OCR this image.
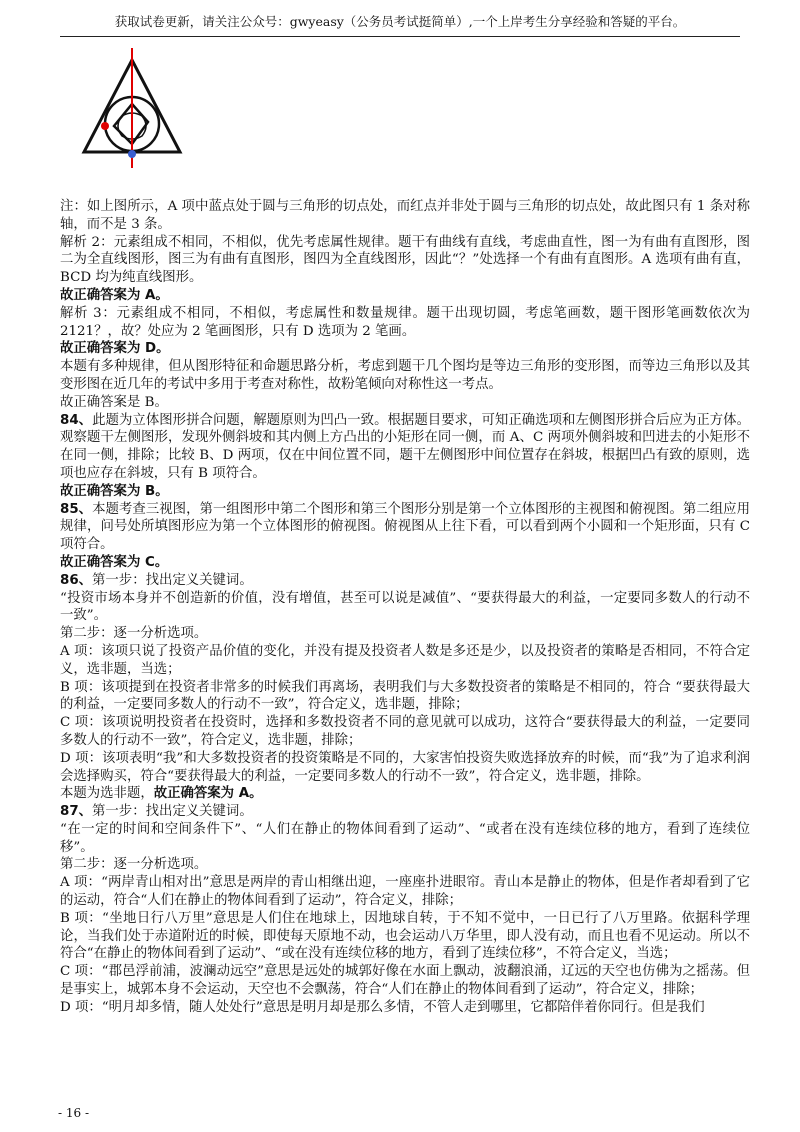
获取试卷更新，请关注公众号：gwyeasy（公务员考试挺简单）,一个上岸考生分享经验和答疑的平台。

注：如上图所示，A 项中蓝点处于圆与三角形的切点处，而红点并非处于圆与三角形的切点处，故此图只有 1 条对称轴，而不是 3 条。

解析 2：元素组成不相同，不相似，优先考虑属性规律。题干有曲线有直线，考虑曲直性，图一为有曲有直图形，图二为全直线图形，图三为有曲有直图形，图四为全直线图形，因此“？”处选择一个有曲有直图形。A 选项有曲有直，BCD 均为纯直线图形。

故正确答案为 A。

解析 3：元素组成不相同，不相似，考虑属性和数量规律。题干出现切圆，考虑笔画数，题干图形笔画数依次为 2121？，故？处应为 2 笔画图形，只有 D 选项为 2 笔画。

故正确答案为 D。

本题有多种规律，但从图形特征和命题思路分析，考虑到题干几个图均是等边三角形的变形图，而等边三角形以及其变形图在近几年的考试中多用于考查对称性，故粉笔倾向对称性这一考点。

故正确答案是 B。

84、此题为立体图形拼合问题，解题原则为凹凸一致。根据题目要求，可知正确选项和左侧图形拼合后应为正方体。观察题干左侧图形，发现外侧斜坡和其内侧上方凸出的小矩形在同一侧，而 A、C 两项外侧斜坡和凹进去的小矩形不在同一侧，排除；比较 B、D 两项，仅在中间位置不同，题干左侧图形中间位置存在斜坡，根据凹凸有致的原则，选项也应存在斜坡，只有 B 项符合。

故正确答案为 B。

85、本题考查三视图，第一组图形中第二个图形和第三个图形分别是第一个立体图形的主视图和俯视图。第二组应用规律，问号处所填图形应为第一个立体图形的俯视图。俯视图从上往下看，可以看到两个小圆和一个矩形面，只有 C 项符合。

故正确答案为 C。

86、第一步：找出定义关键词。

“投资市场本身并不创造新的价值，没有增值，甚至可以说是减值”、“要获得最大的利益，一定要同多数人的行动不一致”。

第二步：逐一分析选项。

A 项：该项只说了投资产品价值的变化，并没有提及投资者人数是多还是少，以及投资者的策略是否相同，不符合定义，选非题，当选；

B 项：该项提到在投资者非常多的时候我们再离场，表明我们与大多数投资者的策略是不相同的，符合 “要获得最大的利益，一定要同多数人的行动不一致”，符合定义，选非题，排除；

C 项：该项说明投资者在投资时，选择和多数投资者不同的意见就可以成功，这符合“要获得最大的利益，一定要同多数人的行动不一致”，符合定义，选非题，排除；

D 项：该项表明“我”和大多数投资者的投资策略是不同的，大家害怕投资失败选择放弃的时候，而“我”为了追求利润会选择购买，符合“要获得最大的利益，一定要同多数人的行动不一致”，符合定义，选非题，排除。

本题为选非题，故正确答案为 A。

87、第一步：找出定义关键词。

“在一定的时间和空间条件下”、“人们在静止的物体间看到了运动”、“或者在没有连续位移的地方，看到了连续位移”。

第二步：逐一分析选项。

A 项：“两岸青山相对出”意思是两岸的青山相继出迎，一座座扑进眼帘。青山本是静止的物体，但是作者却看到了它的运动，符合“人们在静止的物体间看到了运动”，符合定义，排除；

B 项：“坐地日行八万里”意思是人们住在地球上，因地球自转，于不知不觉中，一日已行了八万里路。依据科学理论，当我们处于赤道附近的时候，即使每天原地不动，也会运动八万华里，即人没有动，而且也看不见运动。所以不符合“在静止的物体间看到了运动”、“或在没有连续位移的地方，看到了连续位移”，不符合定义，当选；

C 项：“郡邑浮前浦，波澜动远空”意思是远处的城郭好像在水面上飘动，波翻浪涌，辽远的天空也仿佛为之摇荡。但是事实上，城郭本身不会运动，天空也不会飘荡，符合“人们在静止的物体间看到了运动”，符合定义，排除；

D 项：“明月却多情，随人处处行”意思是明月却是那么多情，不管人走到哪里，它都陪伴着你同行。但是我们

- 16 -
